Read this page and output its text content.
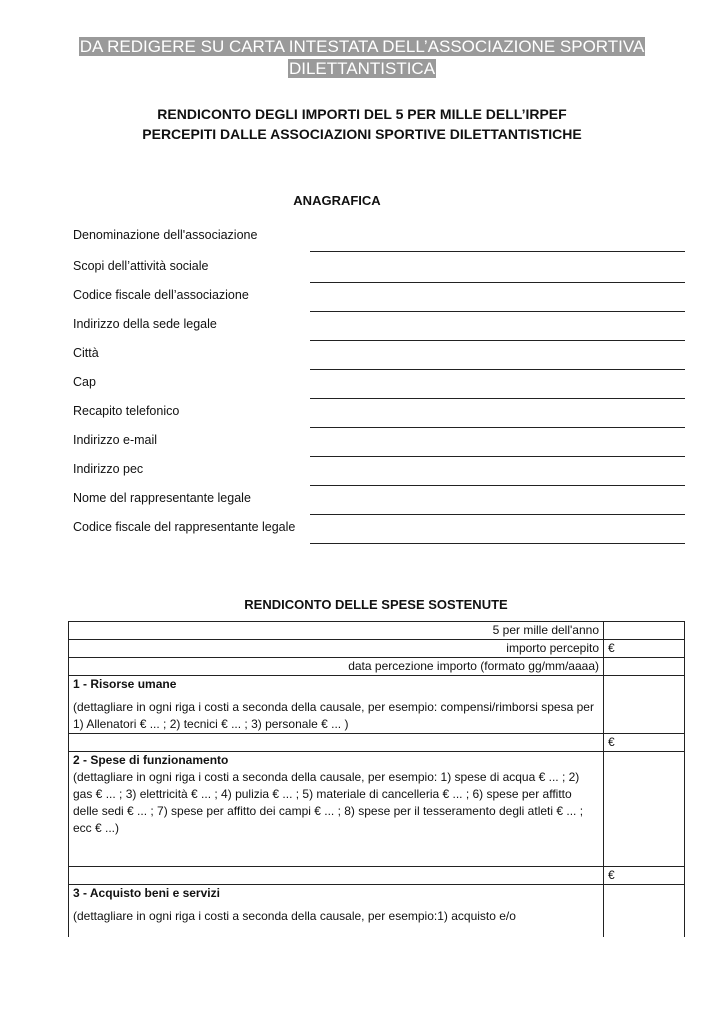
DA REDIGERE SU CARTA INTESTATA DELL’ASSOCIAZIONE SPORTIVA
DILETTANTISTICA
RENDICONTO DEGLI IMPORTI DEL 5 PER MILLE DELL’IRPEF
PERCEPITI DALLE ASSOCIAZIONI SPORTIVE DILETTANTISTICHE
ANAGRAFICA
Denominazione dell'associazione
Scopi dell’attività sociale
Codice fiscale dell’associazione
Indirizzo della sede legale
Città
Cap
Recapito telefonico
Indirizzo e-mail
Indirizzo pec
Nome del rappresentante legale
Codice fiscale del rappresentante legale
RENDICONTO DELLE SPESE SOSTENUTE
5 per mille dell'anno	
importo percepito	€
data percezione importo (formato gg/mm/aaaa)	

1 - Risorse umane
(dettagliare in ogni riga i costi a seconda della causale, per esempio: compensi/rimborsi spesa per 1) Allenatori € ... ; 2) tecnici € ... ; 3) personale € ... )	

	€

2 - Spese di funzionamento
(dettagliare in ogni riga i costi a seconda della causale, per esempio: 1) spese di acqua € ... ; 2) gas € ... ; 3) elettricità € ... ; 4) pulizia € ... ; 5) materiale di cancelleria € ... ; 6) spese per affitto delle sedi € ... ; 7) spese per affitto dei campi € ... ; 8) spese per il tesseramento degli atleti € ... ; ecc € ...)	

	€

3 - Acquisto beni e servizi
(dettagliare in ogni riga i costi a seconda della causale, per esempio:1) acquisto e/o	
